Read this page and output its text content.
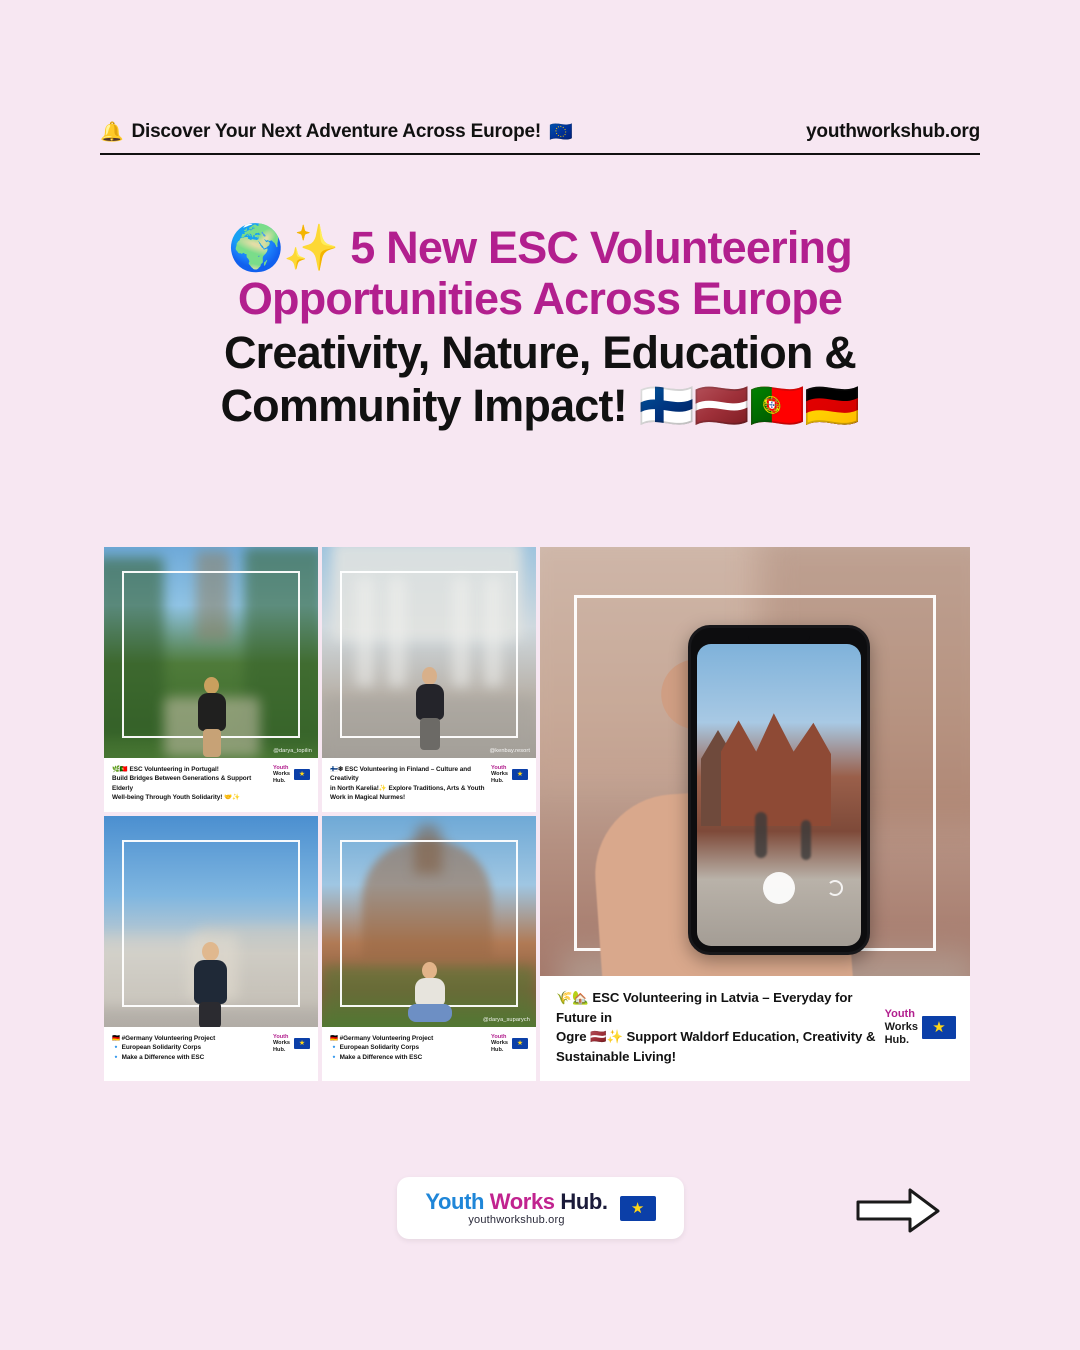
🔔 Discover Your Next Adventure Across Europe! 🇪🇺	youthworkshub.org
🌍✨ 5 New ESC Volunteering
Opportunities Across Europe
Creativity, Nature, Education &
Community Impact! 🇫🇮🇱🇻🇵🇹🇩🇪
@darya_topilin
🌿🇵🇹 ESC Volunteering in Portugal!
Build Bridges Between Generations & Support Elderly
Well-being Through Youth Solidarity! 🤝✨
Youth
Works
Hub.
★
@kenbay.resort
🇫🇮❄ ESC Volunteering in Finland – Culture and Creativity
in North Karelia!✨ Explore Traditions, Arts & Youth
Work in Magical Nurmes!
Youth
Works
Hub.
★
🌾🏡 ESC Volunteering in Latvia – Everyday for Future in
Ogre 🇱🇻✨ Support Waldorf Education, Creativity &
Sustainable Living!
Youth
Works
Hub.
★
🇩🇪 #Germany Volunteering Project
🔹 European Solidarity Corps
🔹 Make a Difference with ESC
Youth
Works
Hub.
★
@darya_suparych
🇩🇪 #Germany Volunteering Project
🔹 European Solidarity Corps
🔹 Make a Difference with ESC
Youth
Works
Hub.
★
Youth Works Hub.
youthworkshub.org
★
